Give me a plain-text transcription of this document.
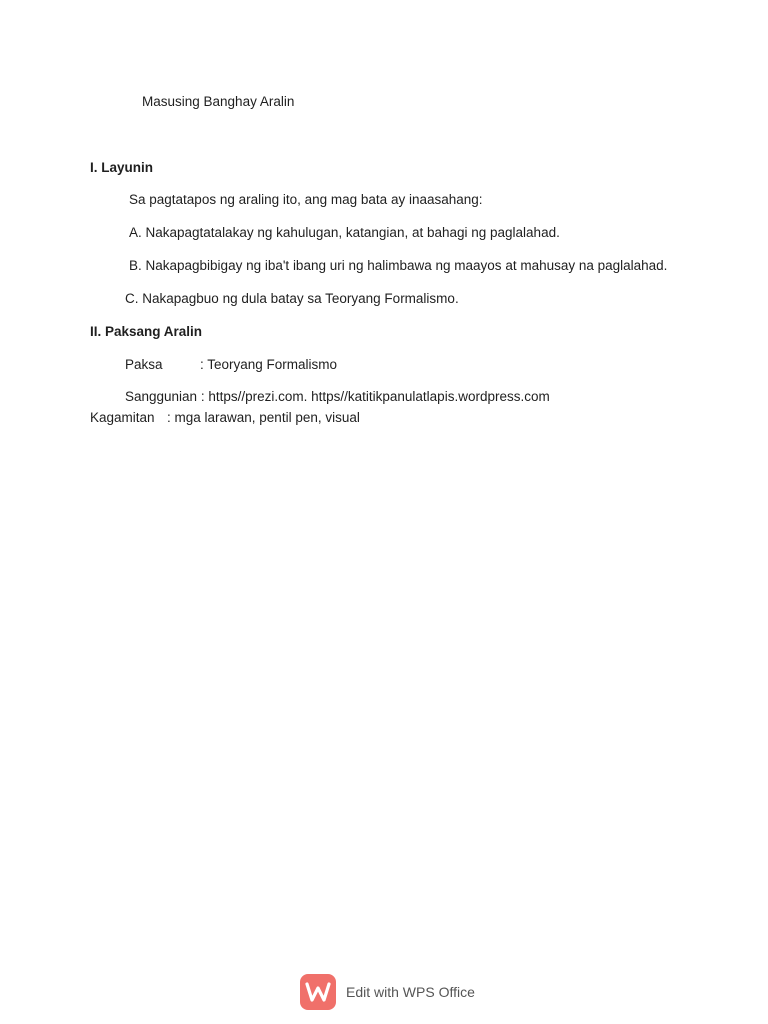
Masusing Banghay Aralin
I. Layunin
Sa pagtatapos ng araling ito, ang mag bata ay inaasahang:
A. Nakapagtatalakay ng kahulugan, katangian, at bahagi ng paglalahad.
B. Nakapagbibigay ng iba't ibang uri ng halimbawa ng maayos at mahusay na paglalahad.
C. Nakapagbuo ng dula batay sa Teoryang Formalismo.
II. Paksang Aralin
Paksa	: Teoryang Formalismo
Sanggunian : https//prezi.com. https//katitikpanulatlapis.wordpress.com
Kagamitan : mga larawan, pentil pen, visual
Edit with WPS Office
